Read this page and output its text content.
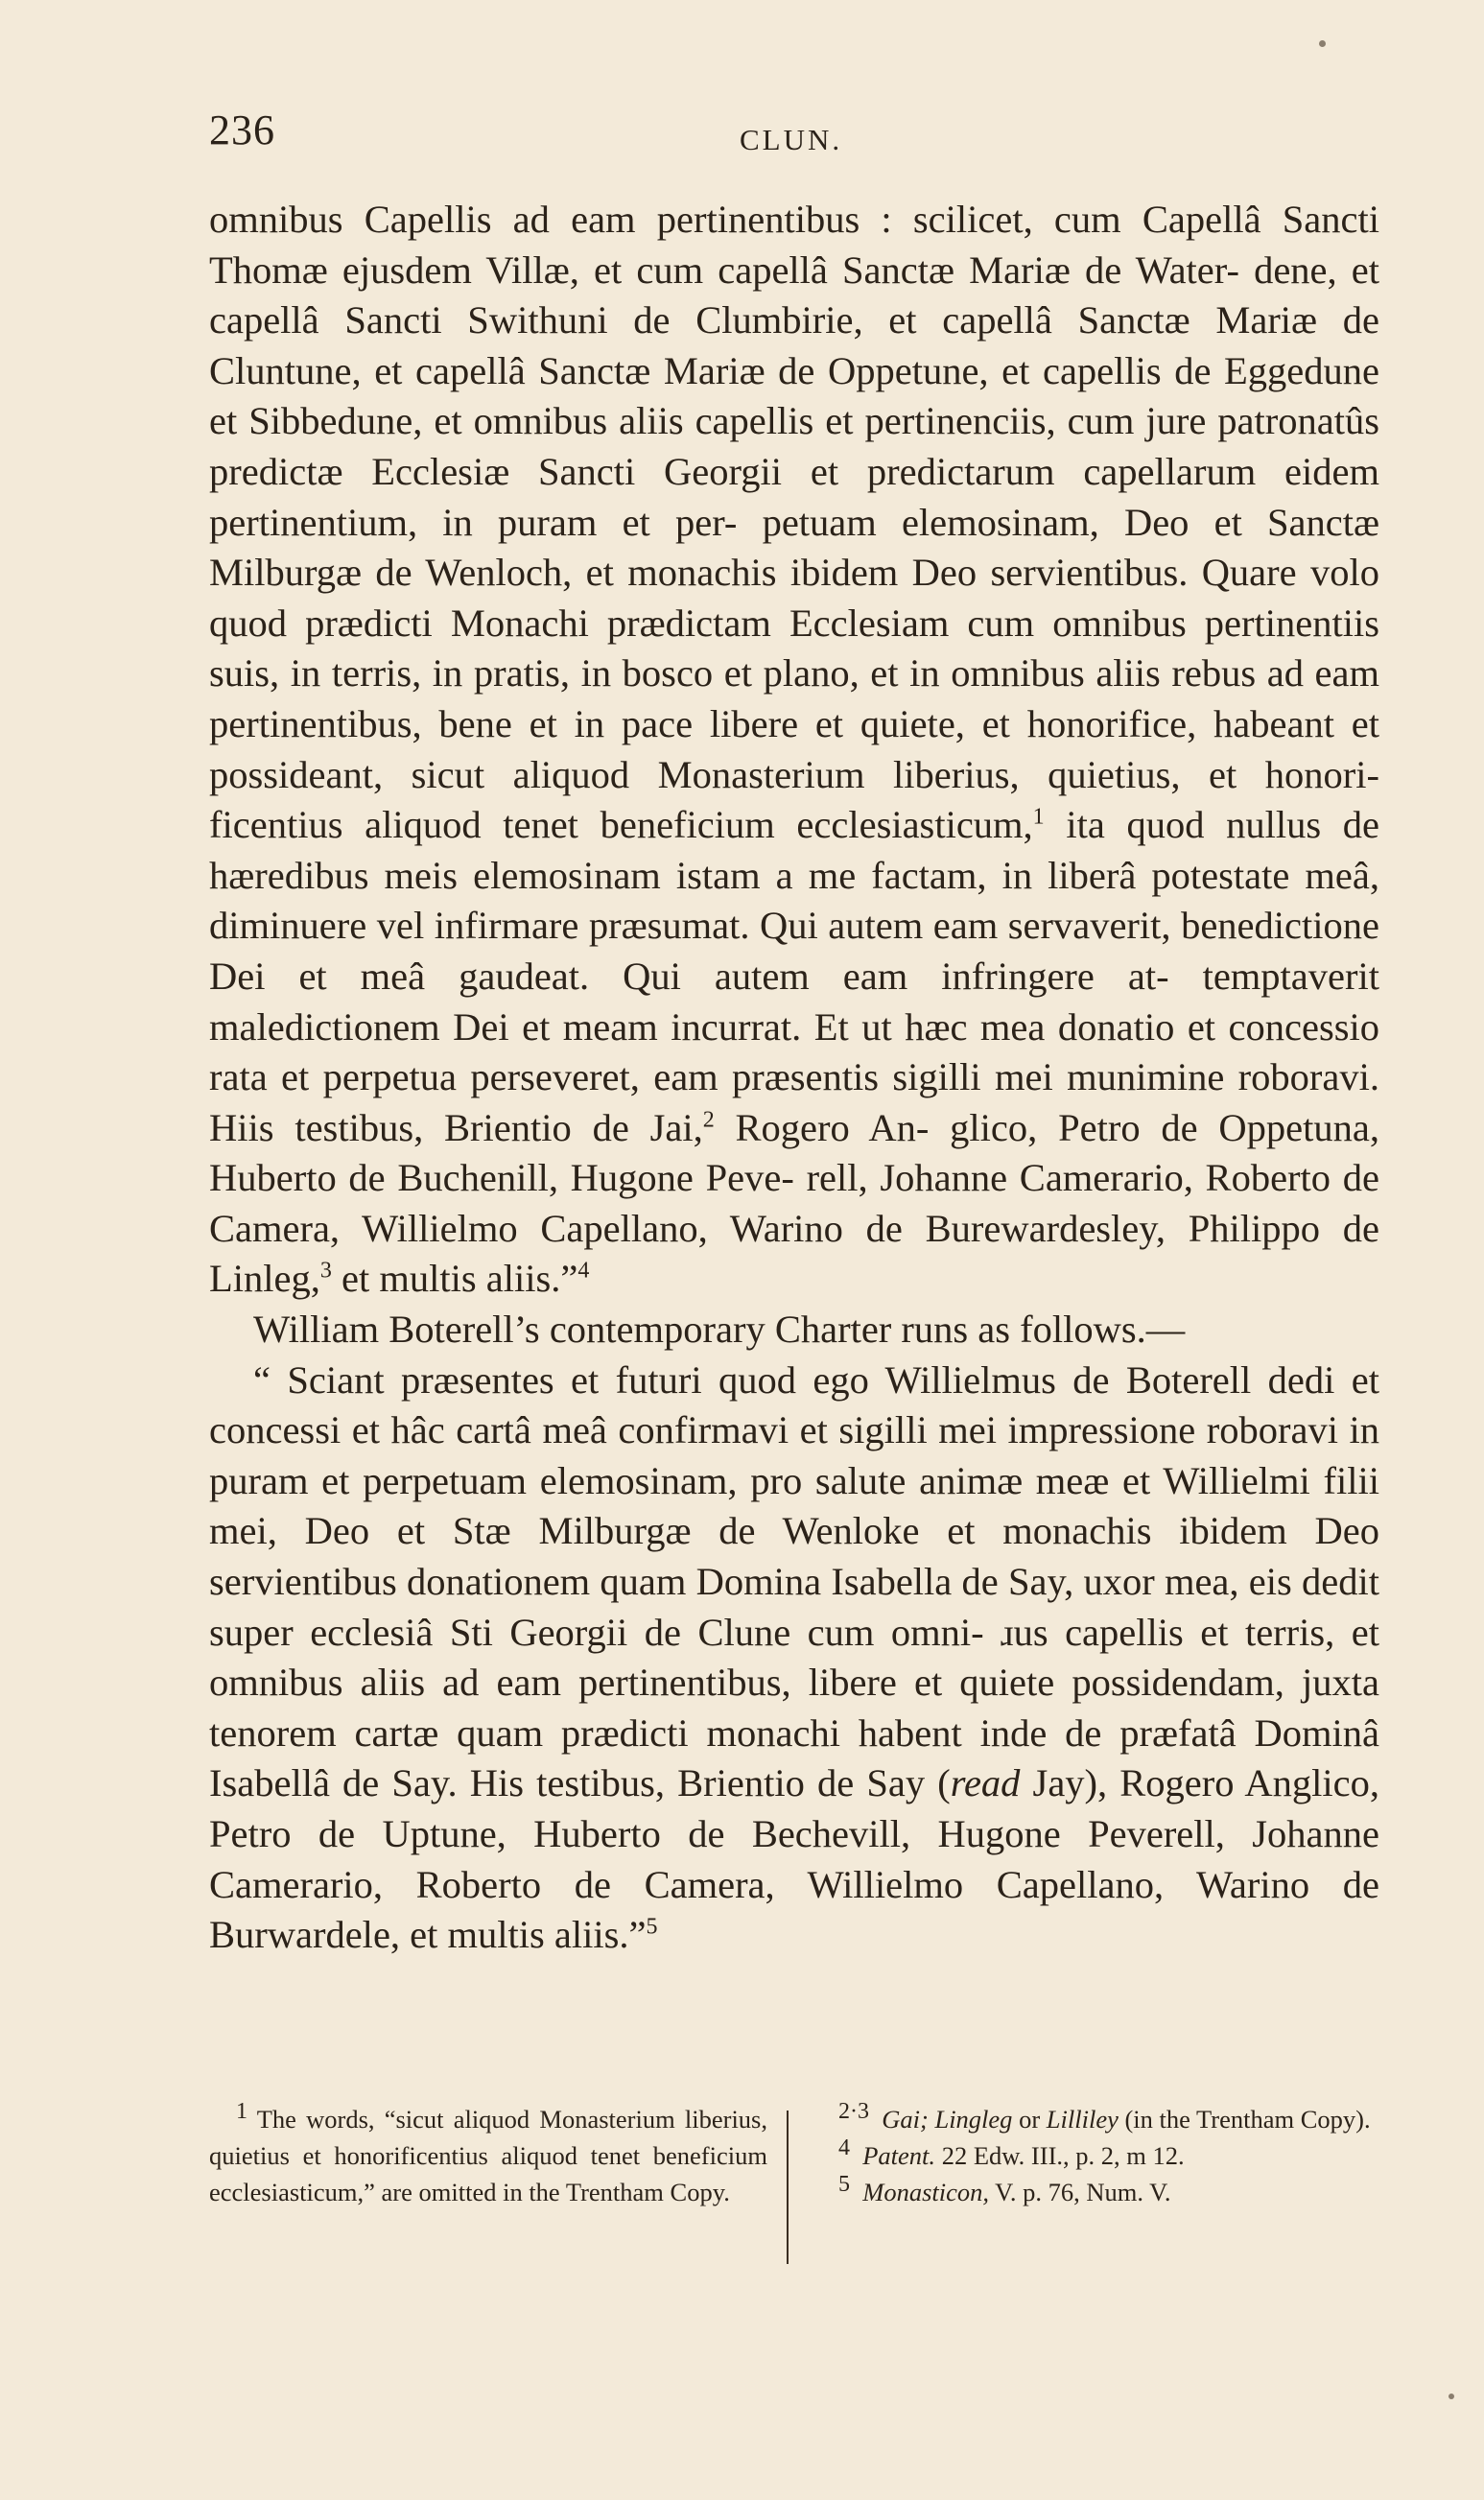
236	CLUN.

omnibus Capellis ad eam pertinentibus : scilicet, cum Capellâ Sancti Thomæ ejusdem Villæ, et cum capellâ Sanctæ Mariæ de Water- dene, et capellâ Sancti Swithuni de Clumbirie, et capellâ Sanctæ Mariæ de Cluntune, et capellâ Sanctæ Mariæ de Oppetune, et capellis de Eggedune et Sibbedune, et omnibus aliis capellis et pertinenciis, cum jure patronatûs predictæ Ecclesiæ Sancti Georgii et predictarum capellarum eidem pertinentium, in puram et per- petuam elemosinam, Deo et Sanctæ Milburgæ de Wenloch, et monachis ibidem Deo servientibus. Quare volo quod prædicti Monachi prædictam Ecclesiam cum omnibus pertinentiis suis, in terris, in pratis, in bosco et plano, et in omnibus aliis rebus ad eam pertinentibus, bene et in pace libere et quiete, et honorifice, habeant et possideant, sicut aliquod Monasterium liberius, quietius, et honori- ficentius aliquod tenet beneficium ecclesiasticum,$^1$ ita quod nullus de hæredibus meis elemosinam istam a me factam, in liberâ potestate meâ, diminuere vel infirmare præsumat. Qui autem eam servaverit, benedictione Dei et meâ gaudeat. Qui autem eam infringere at- temptaverit maledictionem Dei et meam incurrat. Et ut hæc mea donatio et concessio rata et perpetua perseveret, eam præsentis sigilli mei munimine roboravi. Hiis testibus, Brientio de Jai,$^2$ Rogero An- glico, Petro de Oppetuna, Huberto de Buchenill, Hugone Peve- rell, Johanne Camerario, Roberto de Camera, Willielmo Capellano, Warino de Burewardesley, Philippo de Linleg,$^3$ et multis aliis.”$^4$

William Boterell’s contemporary Charter runs as follows.—

“ Sciant præsentes et futuri quod ego Willielmus de Boterell dedi et concessi et hâc cartâ meâ confirmavi et sigilli mei impressione roboravi in puram et perpetuam elemosinam, pro salute animæ meæ et Willielmi filii mei, Deo et Stæ Milburgæ de Wenloke et monachis ibidem Deo servientibus donationem quam Domina Isabella de Say, uxor mea, eis dedit super ecclesiâ Sti Georgii de Clune cum omni- ɹus capellis et terris, et omnibus aliis ad eam pertinentibus, libere et quiete possidendam, juxta tenorem cartæ quam prædicti monachi habent inde de præfatâ Dominâ Isabellâ de Say. His testibus, Brientio de Say (read Jay), Rogero Anglico, Petro de Uptune, Huberto de Bechevill, Hugone Peverell, Johanne Camerario, Roberto de Camera, Willielmo Capellano, Warino de Burwardele, et multis aliis.”$^5$

$^1$ The words, “sicut aliquod Monasterium liberius, quietius et honorificentius aliquod tenet beneficium ecclesiasticum,” are omitted in the Trentham Copy.
$^{2\cdot 3}$ Gai; Lingleg or Lilliley (in the Trentham Copy).
$^4$ Patent. 22 Edw. III., p. 2, m 12.
$^5$ Monasticon, V. p. 76, Num. V.
